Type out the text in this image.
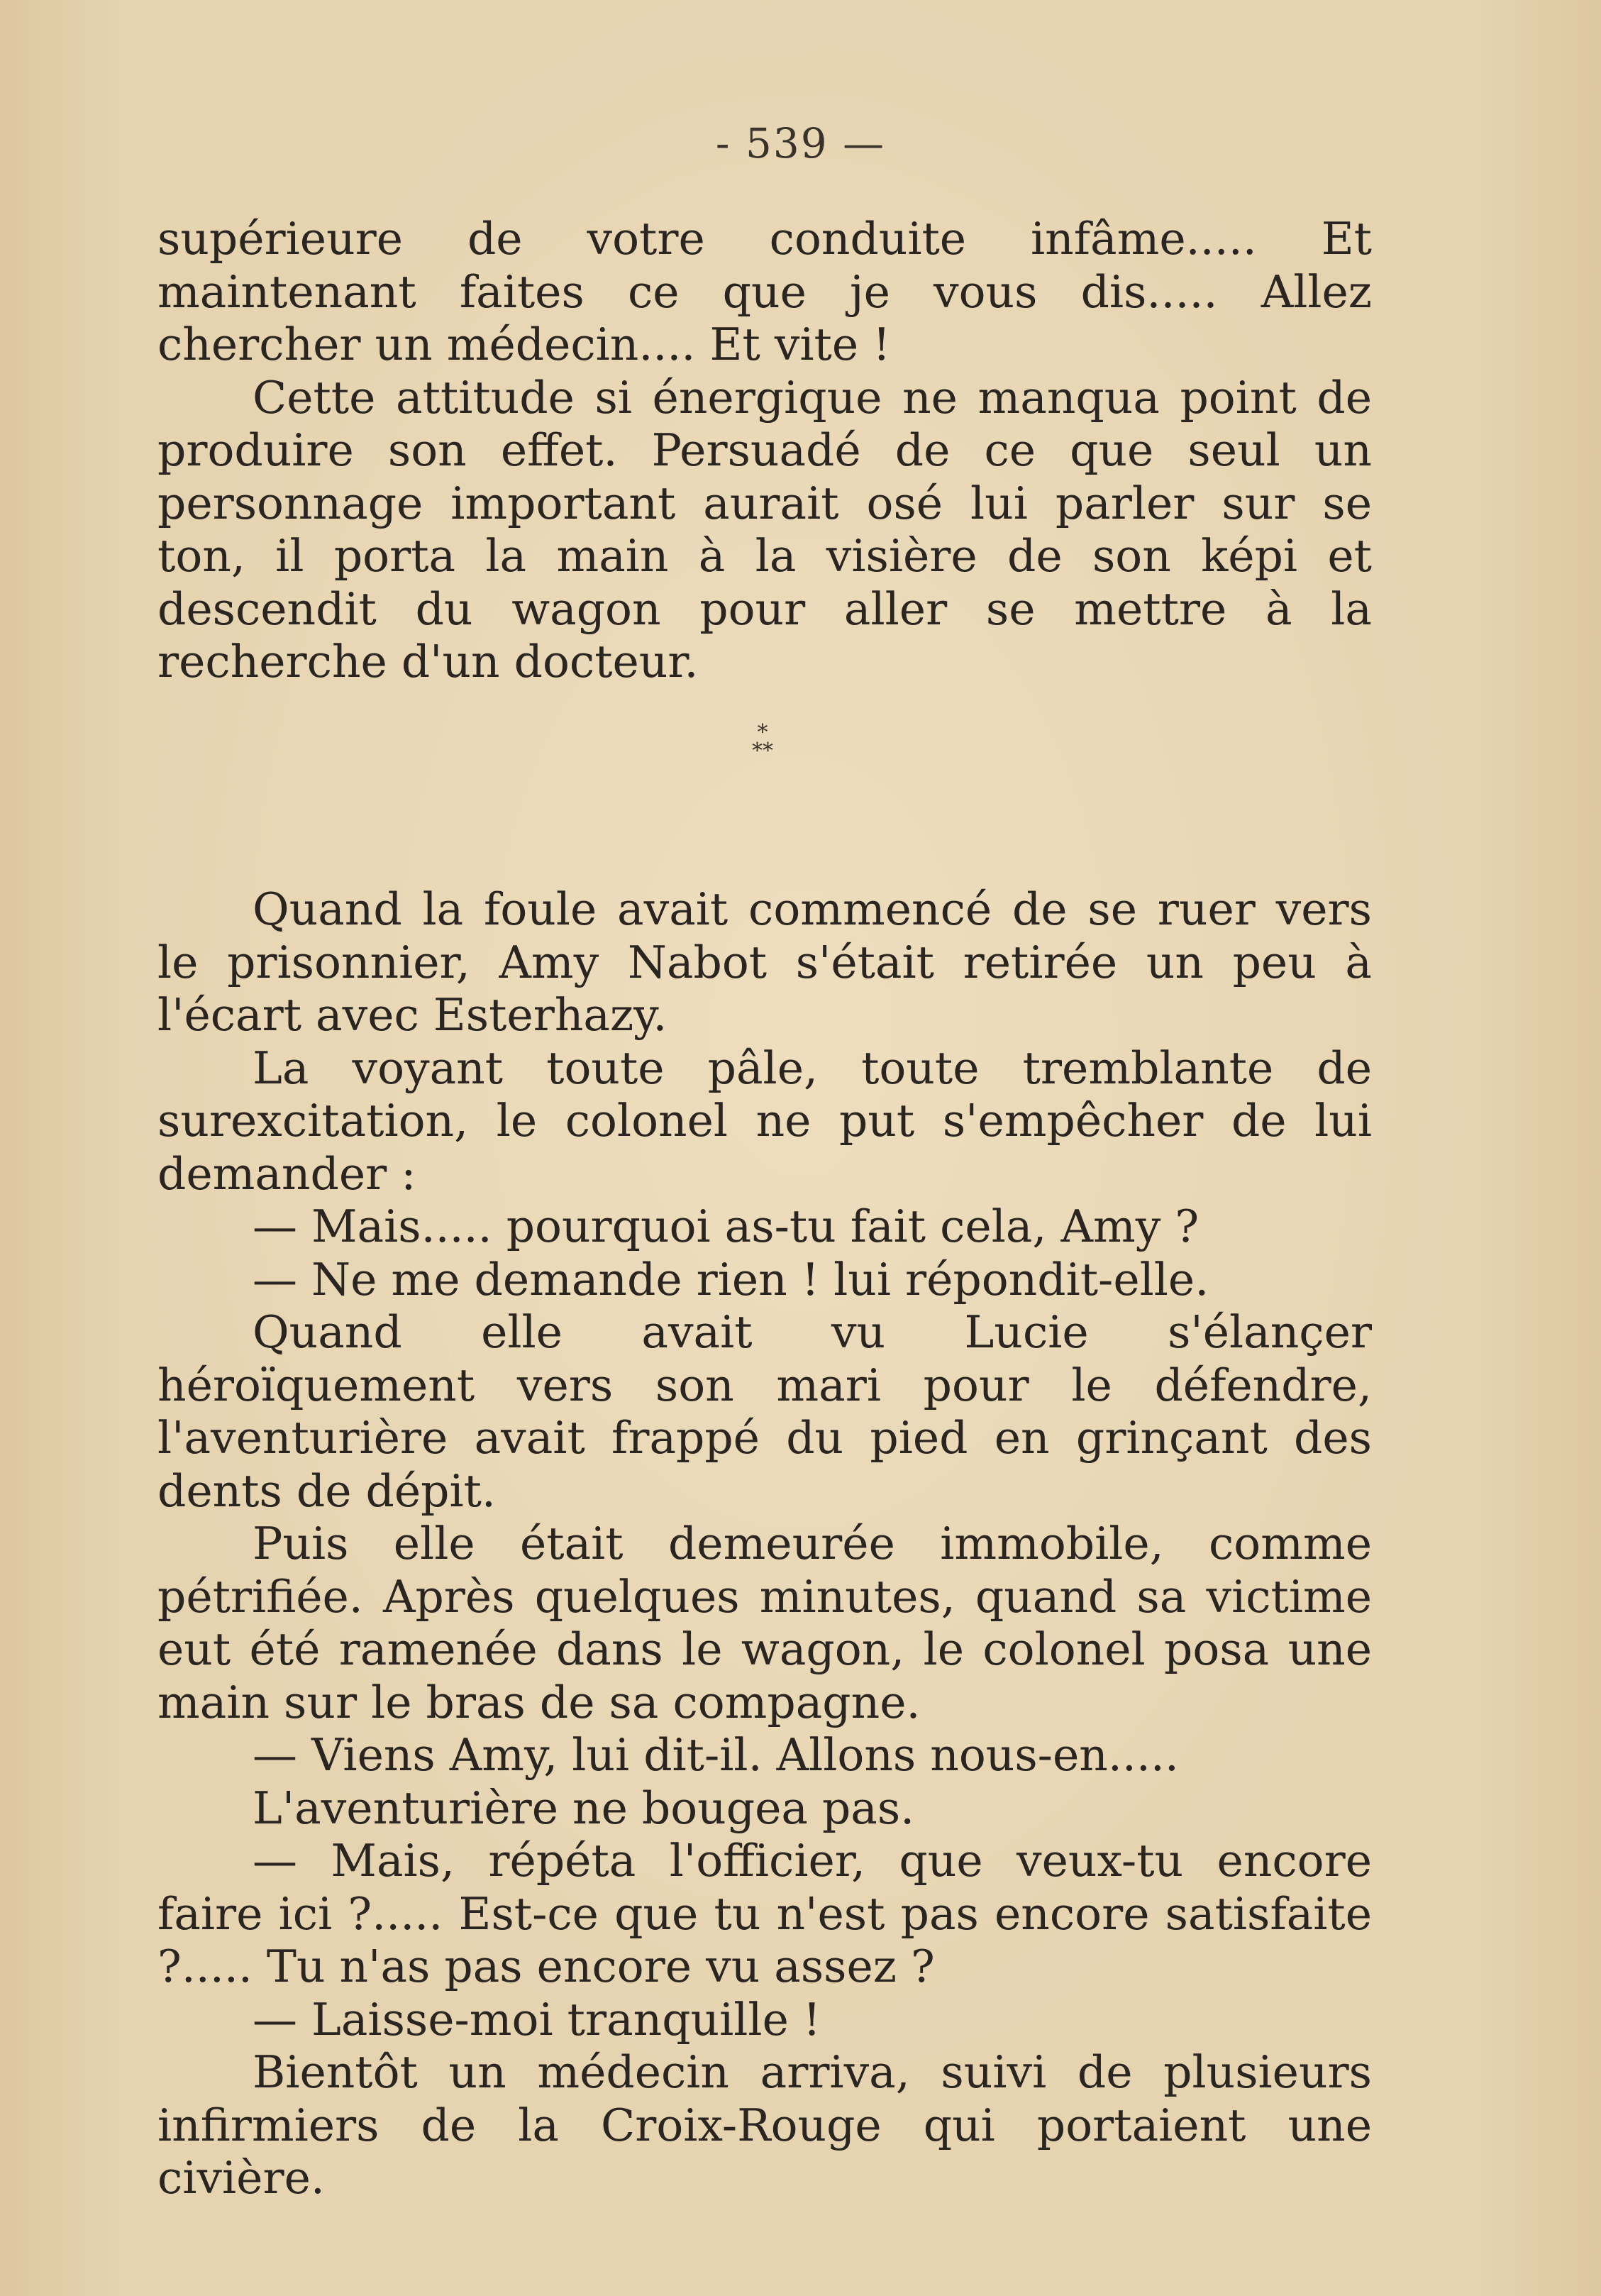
- 539 —

supérieure de votre conduite infâme..... Et maintenant faites ce que je vous dis..... Allez chercher un médecin.... Et vite !

Cette attitude si énergique ne manqua point de produire son effet. Persuadé de ce que seul un personnage important aurait osé lui parler sur se ton, il porta la main à la visière de son képi et descendit du wagon pour aller se mettre à la recherche d'un docteur.

*
**

Quand la foule avait commencé de se ruer vers le prisonnier, Amy Nabot s'était retirée un peu à l'écart avec Esterhazy.

La voyant toute pâle, toute tremblante de surexcitation, le colonel ne put s'empêcher de lui demander :

— Mais..... pourquoi as-tu fait cela, Amy ?

— Ne me demande rien ! lui répondit-elle.

Quand elle avait vu Lucie s'élançer héroïquement vers son mari pour le défendre, l'aventurière avait frappé du pied en grinçant des dents de dépit.

Puis elle était demeurée immobile, comme pétrifiée. Après quelques minutes, quand sa victime eut été ramenée dans le wagon, le colonel posa une main sur le bras de sa compagne.

— Viens Amy, lui dit-il. Allons nous-en.....

L'aventurière ne bougea pas.

— Mais, répéta l'officier, que veux-tu encore faire ici ?..... Est-ce que tu n'est pas encore satisfaite ?..... Tu n'as pas encore vu assez ?

— Laisse-moi tranquille !

Bientôt un médecin arriva, suivi de plusieurs infirmiers de la Croix-Rouge qui portaient une civière.
